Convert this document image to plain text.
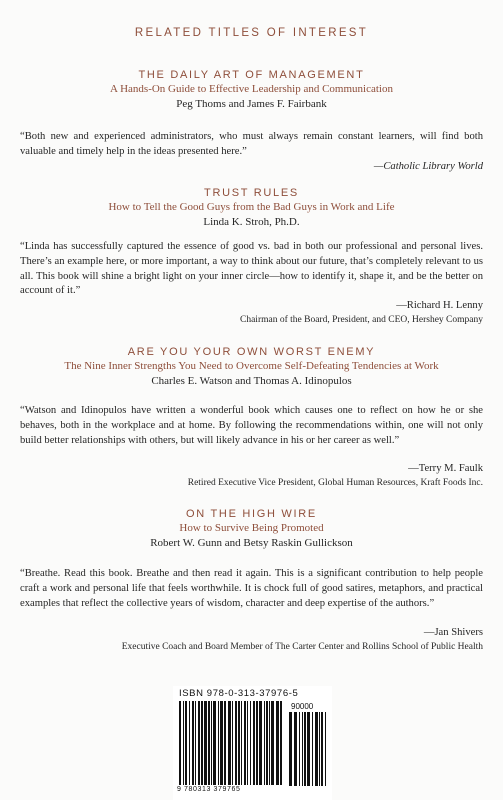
RELATED TITLES OF INTEREST
THE DAILY ART OF MANAGEMENT
A Hands-On Guide to Effective Leadership and Communication
Peg Thoms and James F. Fairbank
“Both new and experienced administrators, who must always remain constant learners, will find both valuable and timely help in the ideas presented here.”
—Catholic Library World
TRUST RULES
How to Tell the Good Guys from the Bad Guys in Work and Life
Linda K. Stroh, Ph.D.
“Linda has successfully captured the essence of good vs. bad in both our professional and personal lives. There’s an example here, or more important, a way to think about our future, that’s completely relevant to us all. This book will shine a bright light on your inner circle—how to identify it, shape it, and be the better on account of it.”
—Richard H. Lenny
Chairman of the Board, President, and CEO, Hershey Company
ARE YOU YOUR OWN WORST ENEMY
The Nine Inner Strengths You Need to Overcome Self-Defeating Tendencies at Work
Charles E. Watson and Thomas A. Idinopulos
“Watson and Idinopulos have written a wonderful book which causes one to reflect on how he or she behaves, both in the workplace and at home. By following the recommendations within, one will not only build better relationships with others, but will likely advance in his or her career as well.”
—Terry M. Faulk
Retired Executive Vice President, Global Human Resources, Kraft Foods Inc.
ON THE HIGH WIRE
How to Survive Being Promoted
Robert W. Gunn and Betsy Raskin Gullickson
“Breathe. Read this book. Breathe and then read it again. This is a significant contribution to help people craft a work and personal life that feels worthwhile. It is chock full of good satires, metaphors, and practical examples that reflect the collective years of wisdom, character and deep expertise of the authors.”
—Jan Shivers
Executive Coach and Board Member of The Carter Center and Rollins School of Public Health
ISBN 978-0-313-37976-5
90000
9 780313 379765
